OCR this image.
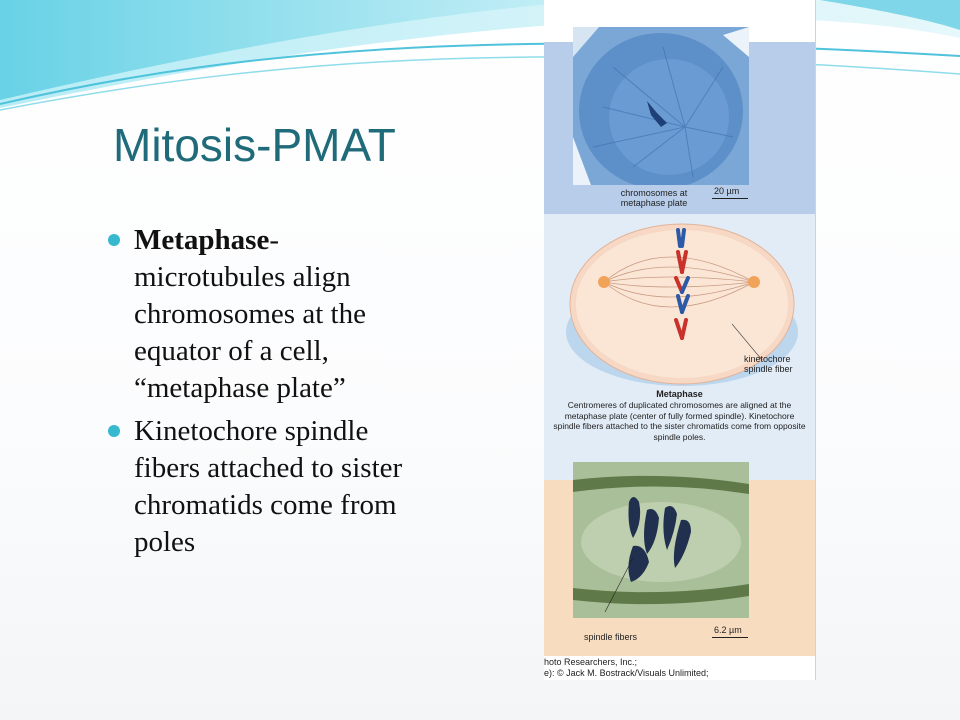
Mitosis-PMAT
Metaphase- microtubules align chromosomes at the equator of a cell, “metaphase plate”
Kinetochore spindle fibers attached to sister chromatids come from poles
chromosomes at metaphase plate
20 µm
kinetochore spindle fiber
Metaphase
Centromeres of duplicated chromosomes are aligned at the metaphase plate (center of fully formed spindle). Kinetochore spindle fibers attached to the sister chromatids come from opposite spindle poles.
spindle fibers
6.2 µm
hoto Researchers, Inc.;
e): © Jack M. Bostrack/Visuals Unlimited;
